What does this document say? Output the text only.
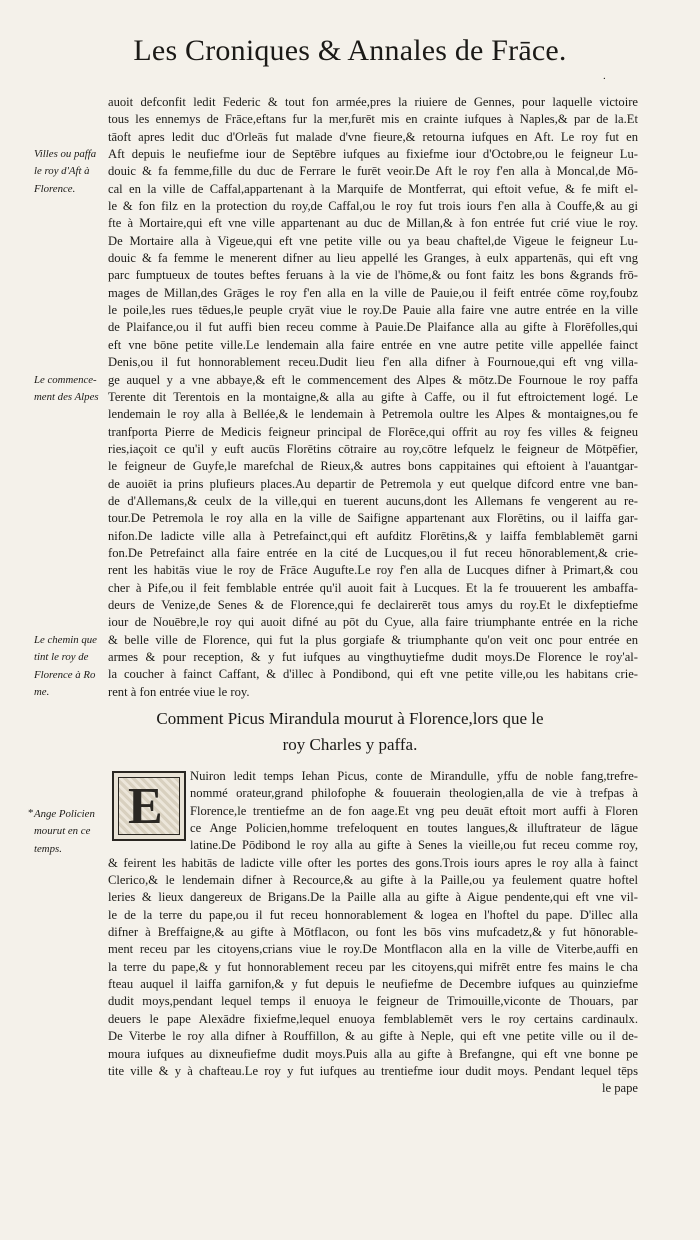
Les Croniques & Annales de Frāce.
.
Villes ou paffa
le roy d'Aft à
Florence.
Le commence-
ment des Alpes
Le chemin que
tint le roy de
Florence à Ro
me.
* Ange Policien
mourut en ce
temps.
auoit defconfit ledit Federic & tout fon armée,pres la riuiere de Gennes, pour laquelle victoire
tous les ennemys de Frāce,eftans fur la mer,furēt mis en crainte iufques à Naples,& par de la.Et
tāoft apres ledit duc d'Orleās fut malade d'vne fieure,& retourna iufques en Aft. Le roy fut en
Aft depuis le neufiefme iour de Septēbre iufques au fixiefme iour d'Octobre,ou le feigneur Lu-
douic & fa femme,fille du duc de Ferrare le furēt veoir.De Aft le roy f'en alla à Moncal,de Mō-
cal en la ville de Caffal,appartenant à la Marquife de Montferrat, qui eftoit vefue, & fe mift el-
le & fon filz en la protection du roy,de Caffal,ou le roy fut trois iours f'en alla à Couffe,& au gi
fte à Mortaire,qui eft vne ville appartenant au duc de Millan,& à fon entrée fut crié viue le roy.
De Mortaire alla à Vigeue,qui eft vne petite ville ou ya beau chaftel,de Vigeue le feigneur Lu-
douic & fa femme le menerent difner au lieu appellé les Granges, à eulx appartenās, qui eft vng
parc fumptueux de toutes beftes feruans à la vie de l'hōme,& ou font faitz les bons &grands frō-
mages de Millan,des Grāges le roy f'en alla en la ville de Pauie,ou il feift entrée cōme roy,foubz
le poile,les rues tēdues,le peuple cryāt viue le roy.De Pauie alla faire vne autre entrée en la ville
de Plaifance,ou il fut auffi bien receu comme à Pauie.De Plaifance alla au gifte à Florēfolles,qui
eft vne bōne petite ville.Le lendemain alla faire entrée en vne autre petite ville appellée fainct
Denis,ou il fut honnorablement receu.Dudit lieu f'en alla difner à Fournoue,qui eft vng villa-
ge auquel y a vne abbaye,& eft le commencement des Alpes & mōtz.De Fournoue le roy paffa
Terente dit Terentois en la montaigne,& alla au gifte à Caffe, ou il fut eftroictement logé. Le
lendemain le roy alla à Bellée,& le lendemain à Petremola oultre les Alpes & montaignes,ou fe
tranfporta Pierre de Medicis feigneur principal de Florēce,qui offrit au roy fes villes & feigneu
ries,iaçoit ce qu'il y euft aucūs Florētins cōtraire au roy,cōtre lefquelz le feigneur de Mōtpēfier,
le feigneur de Guyfe,le marefchal de Rieux,& autres bons cappitaines qui eftoient à l'auantgar-
de auoiēt ia prins plufieurs places.Au departir de Petremola y eut quelque difcord entre vne ban-
de d'Allemans,& ceulx de la ville,qui en tuerent aucuns,dont les Allemans fe vengerent au re-
tour.De Petremola le roy alla en la ville de Saifigne appartenant aux Florētins, ou il laiffa gar-
nifon.De ladicte ville alla à Petrefainct,qui eft aufditz Florētins,& y laiffa femblablemēt garni
fon.De Petrefainct alla faire entrée en la cité de Lucques,ou il fut receu hōnorablement,& crie-
rent les habitās viue le roy de Frāce Augufte.Le roy f'en alla de Lucques difner à Primart,& cou
cher à Pife,ou il feit femblable entrée qu'il auoit fait à Lucques. Et la fe trouuerent les ambaffa-
deurs de Venize,de Senes & de Florence,qui fe declairerēt tous amys du roy.Et le dixfeptiefme
iour de Nouēbre,le roy qui auoit difné au pōt du Cyue, alla faire triumphante entrée en la riche
& belle ville de Florence, qui fut la plus gorgiafe & triumphante qu'on veit onc pour entrée en
armes & pour reception, & y fut iufques au vingthuytiefme dudit moys.De Florence le roy'al-
la coucher à fainct Caffant, & d'illec à Pondibond, qui eft vne petite ville,ou les habitans crie-
rent à fon entrée viue le roy.
Comment Picus Mirandula mourut à Florence,lors que le
roy Charles y paffa.
E
Nuiron ledit temps Iehan Picus, conte de Mirandulle, yffu de noble fang,trefre-
nommé orateur,grand philofophe & fouuerain theologien,alla de vie à trefpas à
Florence,le trentiefme an de fon aage.Et vng peu deuāt eftoit mort auffi à Floren
ce Ange Policien,homme trefeloquent en toutes langues,& illuftrateur de lāgue
latine.De Pōdibond le roy alla au gifte à Senes la vieille,ou fut receu comme roy,
& feirent les habitās de ladicte ville ofter les portes des gons.Trois iours apres le roy alla à fainct
Clerico,& le lendemain difner à Recource,& au gifte à la Paille,ou ya feulement quatre hoftel
leries & lieux dangereux de Brigans.De la Paille alla au gifte à Aigue pendente,qui eft vne vil-
le de la terre du pape,ou il fut receu honnorablement & logea en l'hoftel du pape. D'illec alla
difner à Breffaigne,& au gifte à Mōtflacon, ou font les bōs vins mufcadetz,& y fut hōnorable-
ment receu par les citoyens,crians viue le roy.De Montflacon alla en la ville de Viterbe,auffi en
la terre du pape,& y fut honnorablement receu par les citoyens,qui mifrēt entre fes mains le cha
fteau auquel il laiffa garnifon,& y fut depuis le neufiefme de Decembre iufques au quinziefme
dudit moys,pendant lequel temps il enuoya le feigneur de Trimouille,viconte de Thouars, par
deuers le pape Alexādre fixiefme,lequel enuoya femblablemēt vers le roy certains cardinaulx.
De Viterbe le roy alla difner à Rouffillon, & au gifte à Neple, qui eft vne petite ville ou il de-
moura iufques au dixneufiefme dudit moys.Puis alla au gifte à Brefangne, qui eft vne bonne pe
tite ville & y à chafteau.Le roy y fut iufques au trentiefme iour dudit moys. Pendant lequel tēps
le pape
